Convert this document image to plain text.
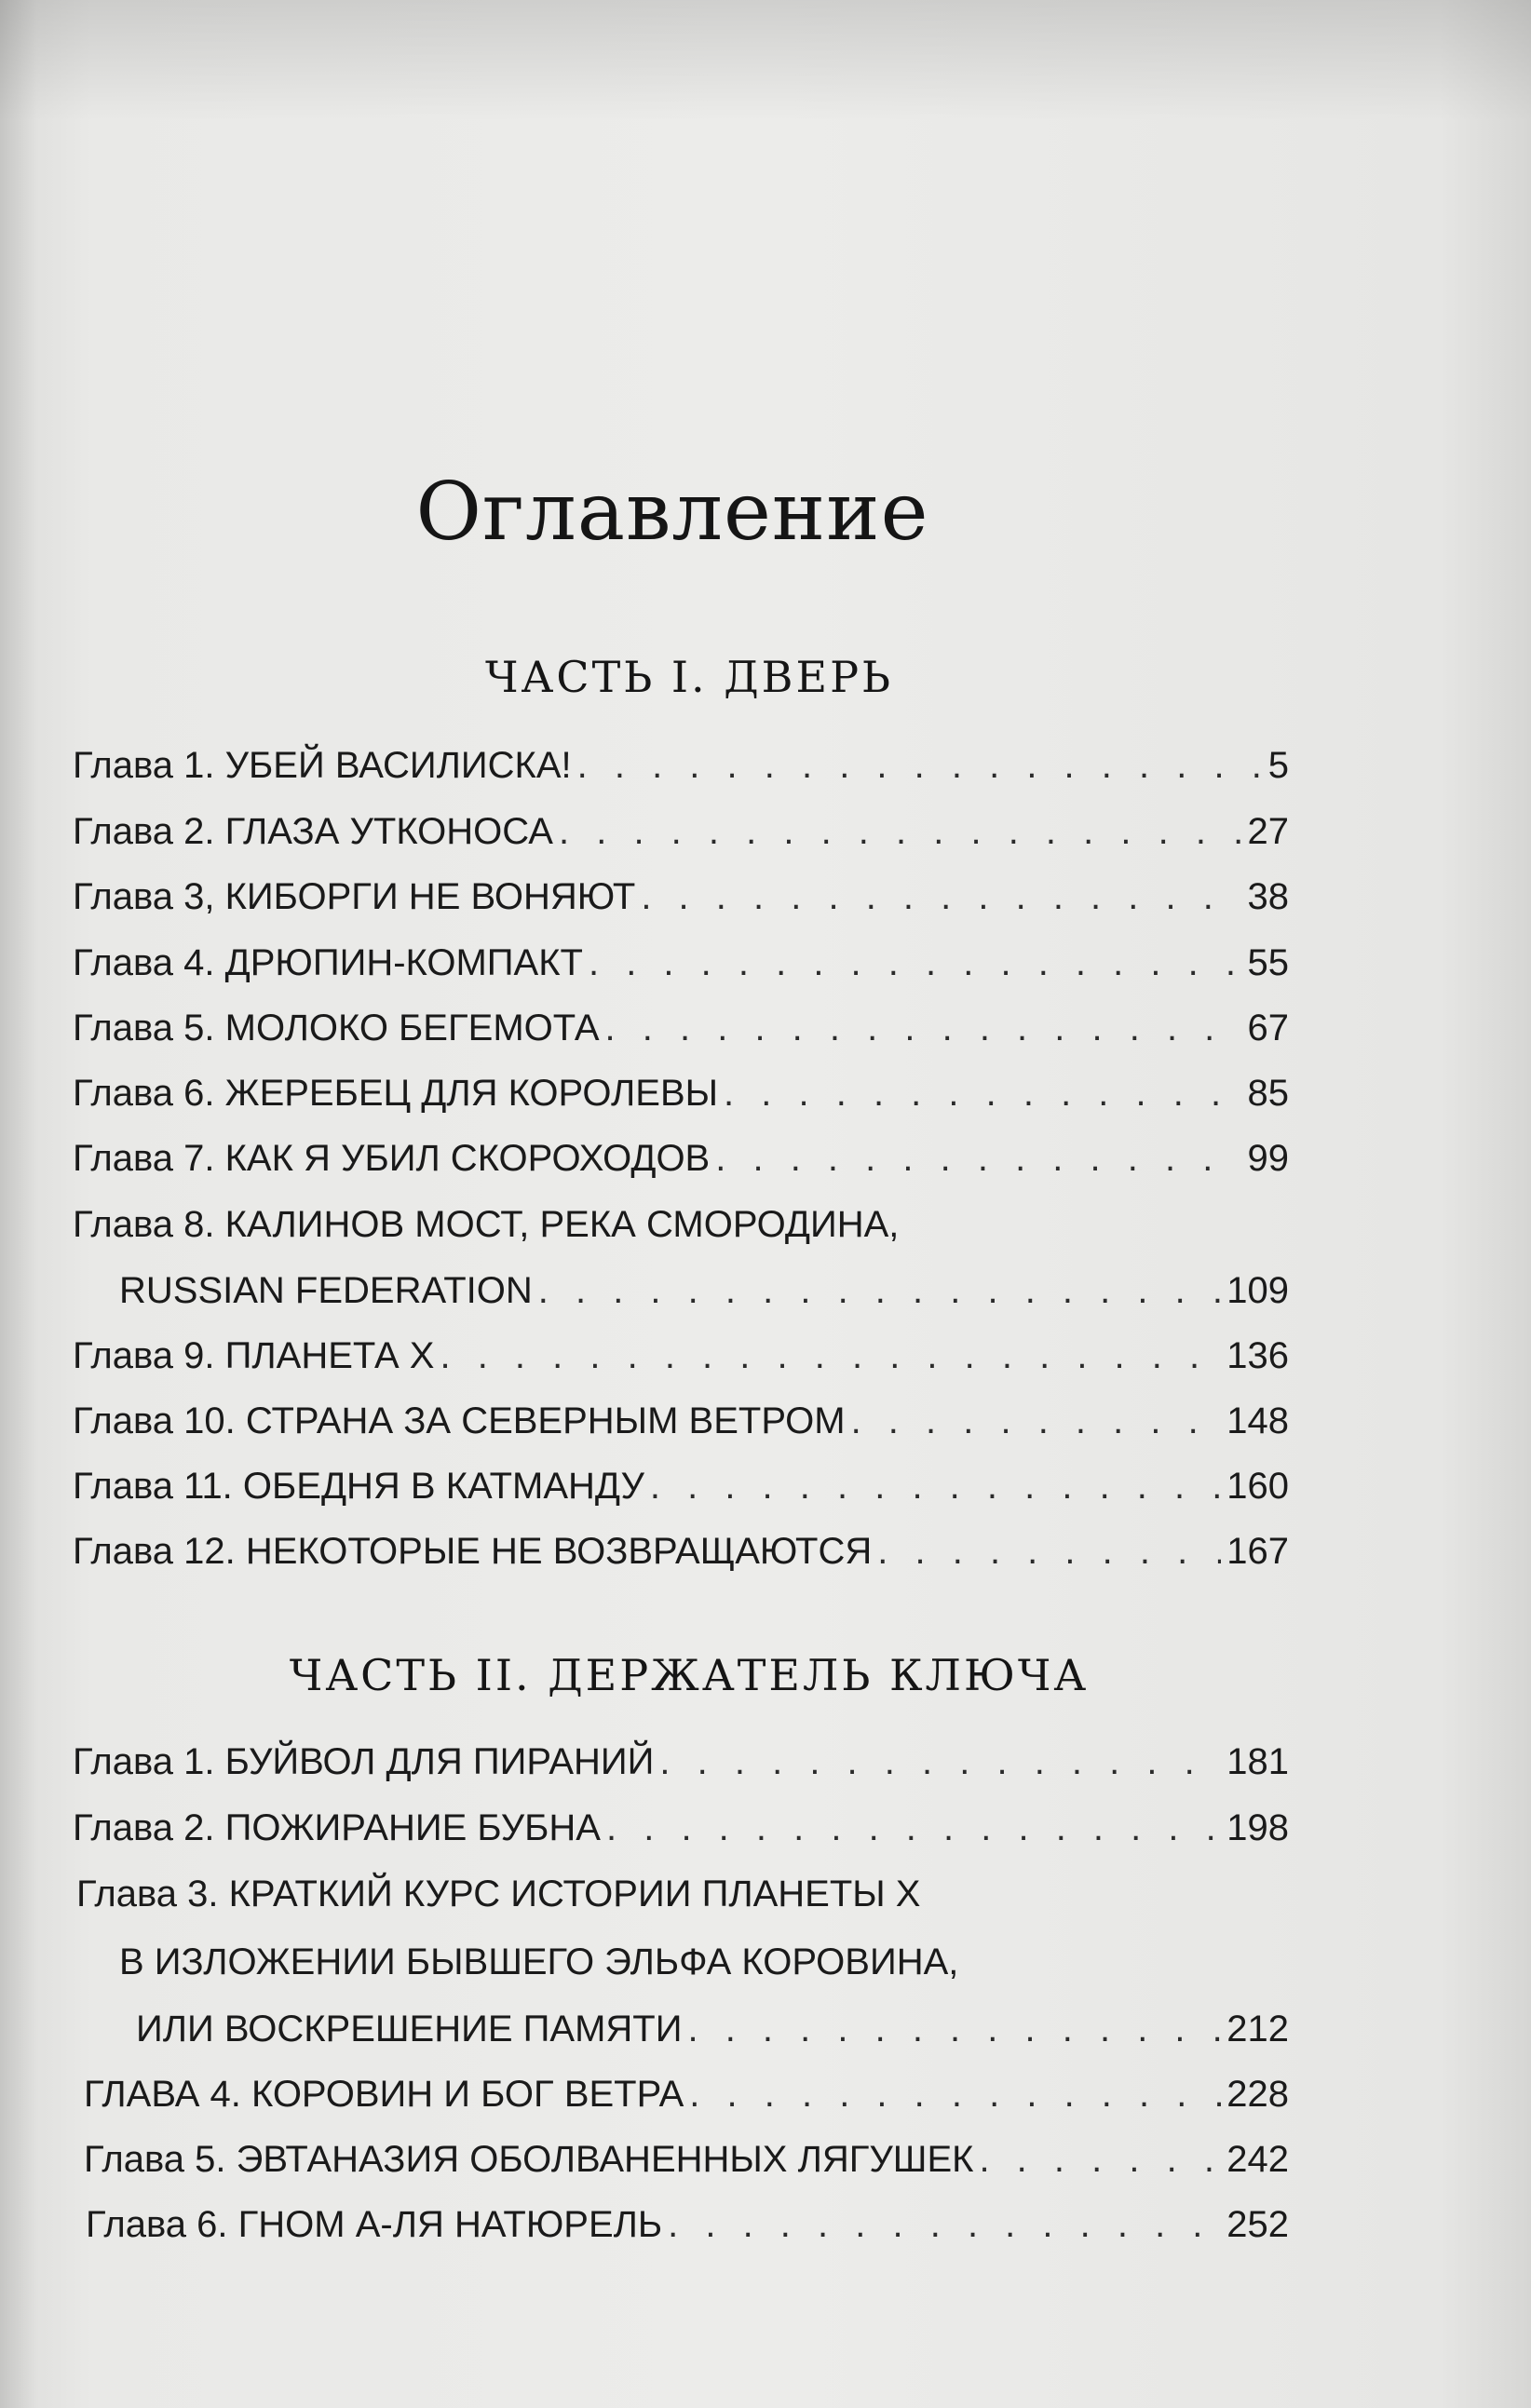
Оглавление
ЧАСТЬ I. ДВЕРЬ
Глава 1. УБЕЙ ВАСИЛИСКА! . . .	5
Глава 2. ГЛАЗА УТКОНОСА . . .	27
Глава 3, КИБОРГИ НЕ ВОНЯЮТ . . .	38
Глава 4. ДРЮПИН-КОМПАКТ . . .	55
Глава 5. МОЛОКО БЕГЕМОТА . . .	67
Глава 6. ЖЕРЕБЕЦ ДЛЯ КОРОЛЕВЫ . . .	85
Глава 7. КАК Я УБИЛ СКОРОХОДОВ . . .	99
Глава 8. КАЛИНОВ МОСТ, РЕКА СМОРОДИНА,
RUSSIAN FEDERATION . . .	109
Глава 9. ПЛАНЕТА Х . . .	136
Глава 10. СТРАНА ЗА СЕВЕРНЫМ ВЕТРОМ . . .	148
Глава 11. ОБЕДНЯ В КАТМАНДУ . . .	160
Глава 12. НЕКОТОРЫЕ НЕ ВОЗВРАЩАЮТСЯ . . .	167
ЧАСТЬ II. ДЕРЖАТЕЛЬ КЛЮЧА
Глава 1. БУЙВОЛ ДЛЯ ПИРАНИЙ . . .	181
Глава 2. ПОЖИРАНИЕ БУБНА . . .	198
Глава 3. КРАТКИЙ КУРС ИСТОРИИ ПЛАНЕТЫ Х
В ИЗЛОЖЕНИИ БЫВШЕГО ЭЛЬФА КОРОВИНА,
ИЛИ ВОСКРЕШЕНИЕ ПАМЯТИ . . .	212
ГЛАВА 4. КОРОВИН И БОГ ВЕТРА . . .	228
Глава 5. ЭВТАНАЗИЯ ОБОЛВАНЕННЫХ ЛЯГУШЕК . . .	242
Глава 6. ГНОМ А-ЛЯ НАТЮРЕЛЬ . . .	252
